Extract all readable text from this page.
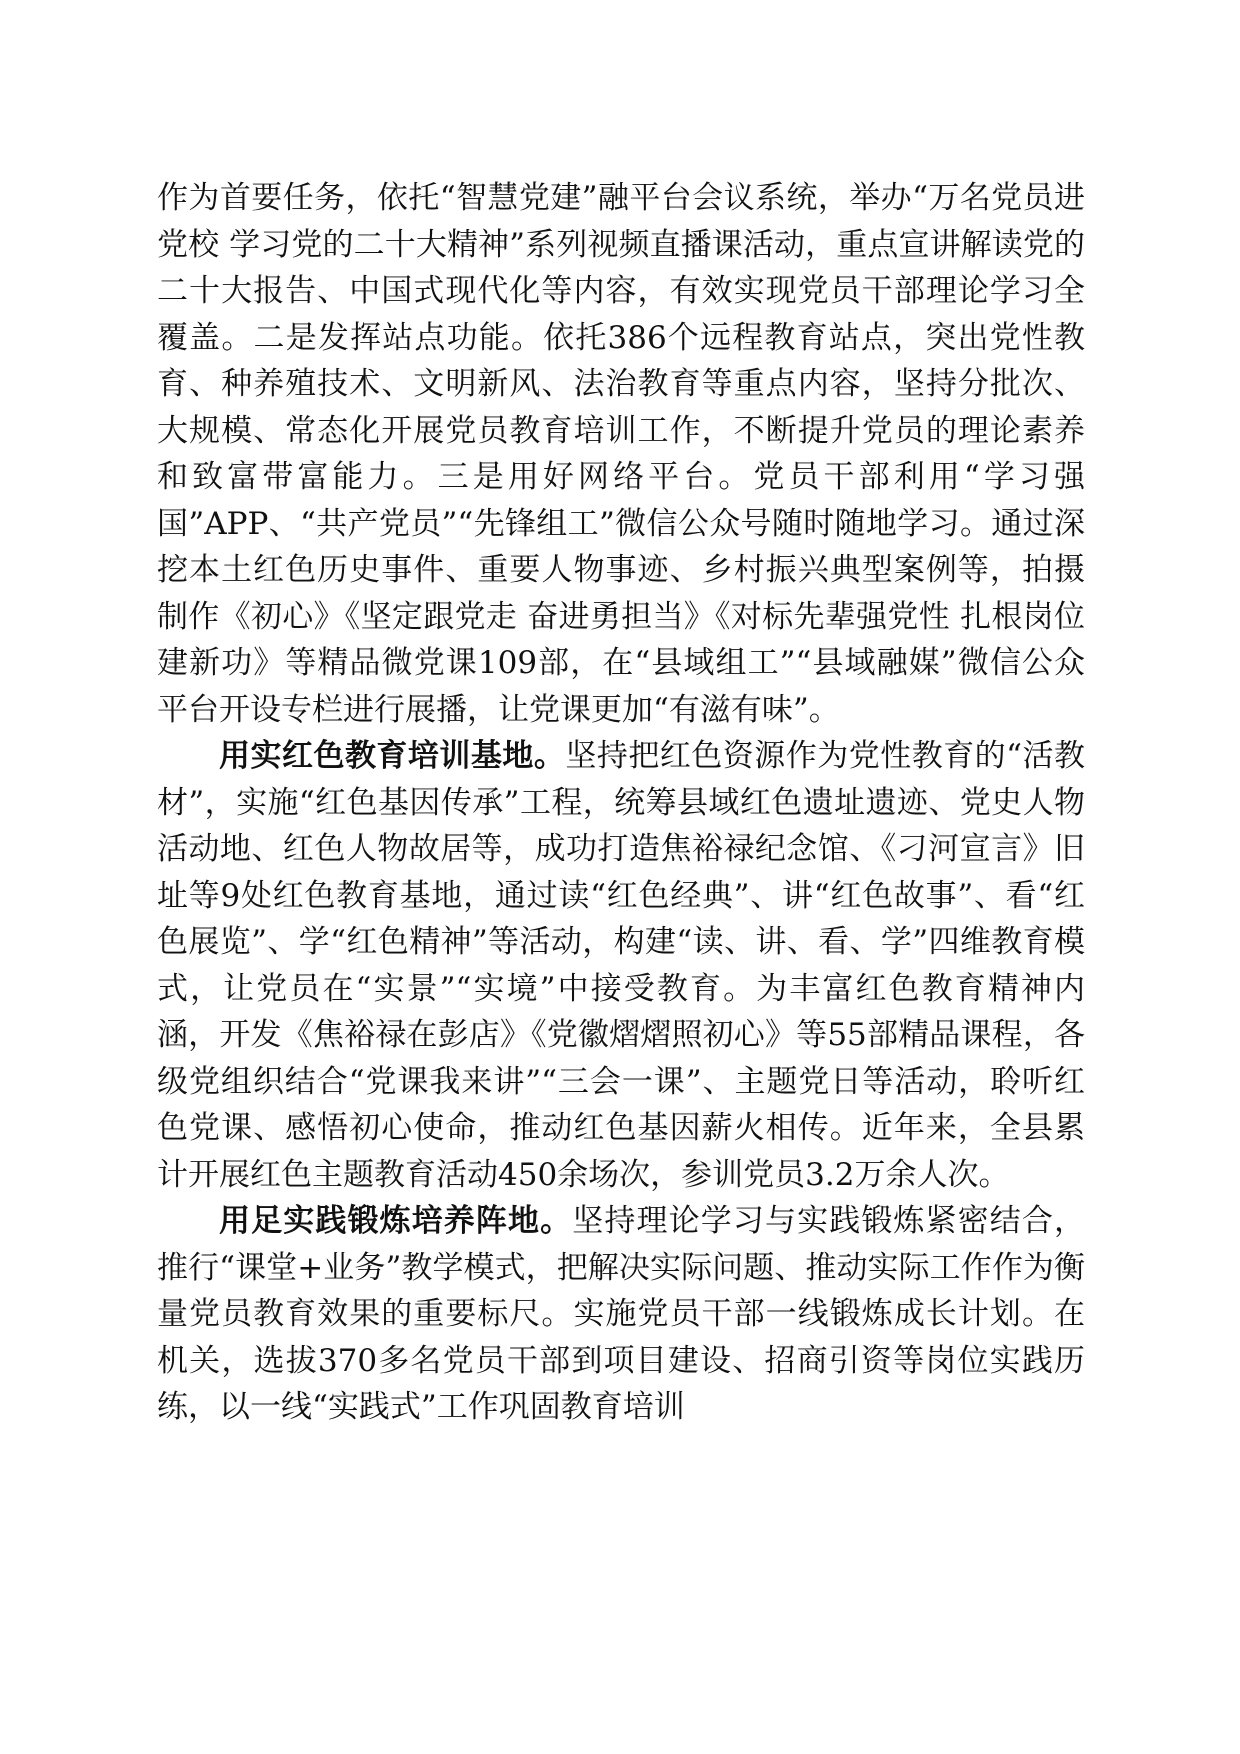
作为首要任务，依托“智慧党建”融平台会议系统，举办“万名党员进党校 学习党的二十大精神”系列视频直播课活动，重点宣讲解读党的二十大报告、中国式现代化等内容，有效实现党员干部理论学习全覆盖。二是发挥站点功能。依托386个远程教育站点，突出党性教育、种养殖技术、文明新风、法治教育等重点内容，坚持分批次、大规模、常态化开展党员教育培训工作，不断提升党员的理论素养和致富带富能力。三是用好网络平台。党员干部利用“学习强国”APP、“共产党员”“先锋组工”微信公众号随时随地学习。通过深挖本土红色历史事件、重要人物事迹、乡村振兴典型案例等，拍摄制作《初心》《坚定跟党走 奋进勇担当》《对标先辈强党性 扎根岗位建新功》等精品微党课109部，在“县域组工”“县域融媒”微信公众平台开设专栏进行展播，让党课更加“有滋有味”。

用实红色教育培训基地。坚持把红色资源作为党性教育的“活教材”，实施“红色基因传承”工程，统筹县域红色遗址遗迹、党史人物活动地、红色人物故居等，成功打造焦裕禄纪念馆、《刁河宣言》旧址等9处红色教育基地，通过读“红色经典”、讲“红色故事”、看“红色展览”、学“红色精神”等活动，构建“读、讲、看、学”四维教育模式，让党员在“实景”“实境”中接受教育。为丰富红色教育精神内涵，开发《焦裕禄在彭店》《党徽熠熠照初心》等55部精品课程，各级党组织结合“党课我来讲”“三会一课”、主题党日等活动，聆听红色党课、感悟初心使命，推动红色基因薪火相传。近年来，全县累计开展红色主题教育活动450余场次，参训党员3.2万余人次。

用足实践锻炼培养阵地。坚持理论学习与实践锻炼紧密结合，推行“课堂+业务”教学模式，把解决实际问题、推动实际工作作为衡量党员教育效果的重要标尺。实施党员干部一线锻炼成长计划。在机关，选拔370多名党员干部到项目建设、招商引资等岗位实践历练，以一线“实践式”工作巩固教育培训
